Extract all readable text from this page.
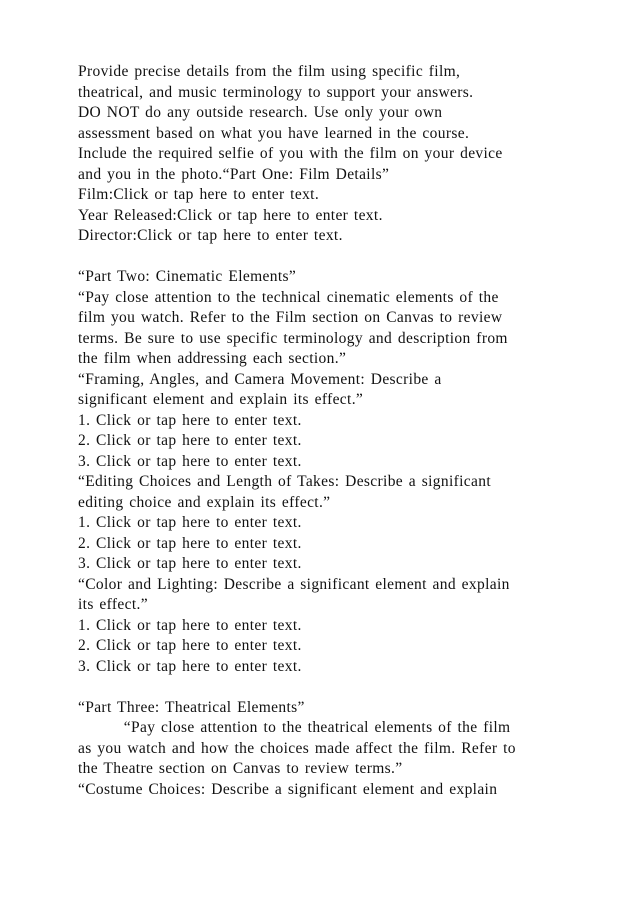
Provide precise details from the film using specific film,
theatrical, and music terminology to support your answers.
DO NOT do any outside research. Use only your own
assessment based on what you have learned in the course.
Include the required selfie of you with the film on your device
and you in the photo.“Part One: Film Details”
Film:Click or tap here to enter text.
Year Released:Click or tap here to enter text.
Director:Click or tap here to enter text.
“Part Two: Cinematic Elements”
“Pay close attention to the technical cinematic elements of the
film you watch. Refer to the Film section on Canvas to review
terms. Be sure to use specific terminology and description from
the film when addressing each section.”
“Framing, Angles, and Camera Movement: Describe a
significant element and explain its effect.”
1. Click or tap here to enter text.
2. Click or tap here to enter text.
3. Click or tap here to enter text.
“Editing Choices and Length of Takes: Describe a significant
editing choice and explain its effect.”
1. Click or tap here to enter text.
2. Click or tap here to enter text.
3. Click or tap here to enter text.
“Color and Lighting: Describe a significant element and explain
its effect.”
1. Click or tap here to enter text.
2. Click or tap here to enter text.
3. Click or tap here to enter text.
“Part Three: Theatrical Elements”
“Pay close attention to the theatrical elements of the film
as you watch and how the choices made affect the film. Refer to
the Theatre section on Canvas to review terms.”
“Costume Choices: Describe a significant element and explain
